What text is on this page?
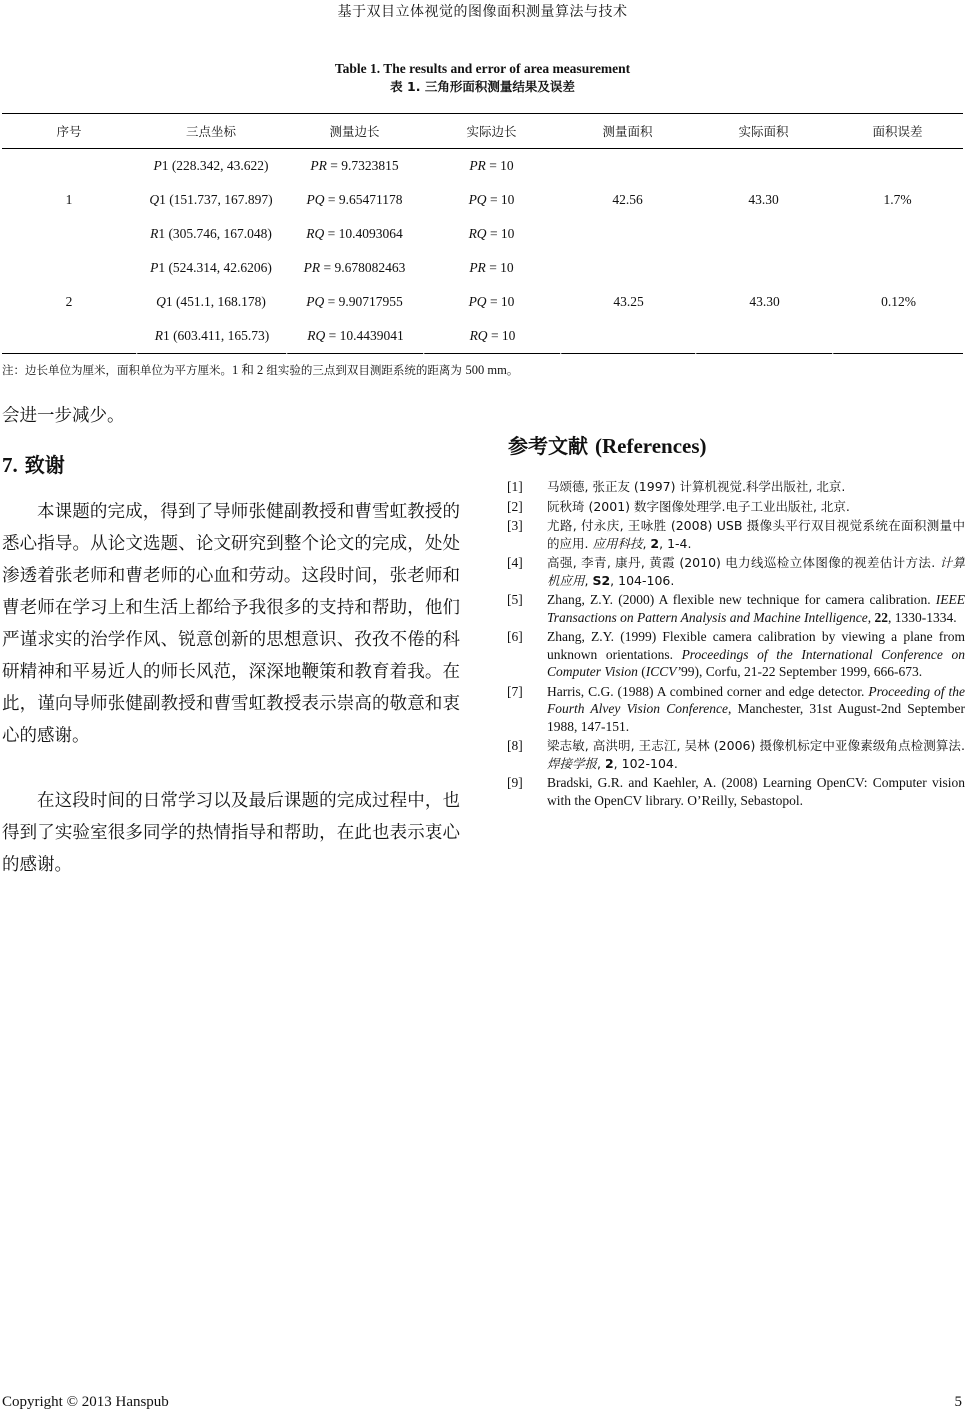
基于双目立体视觉的图像面积测量算法与技术
Table 1. The results and error of area measurement
表 1. 三角形面积测量结果及误差
序号	三点坐标	测量边长	实际边长	测量面积	实际面积	面积误差
1	P1 (228.342, 43.622)	PR = 9.7323815	PR = 10	42.56	43.30	1.7%
	Q1 (151.737, 167.897)	PQ = 9.65471178	PQ = 10			
	R1 (305.746, 167.048)	RQ = 10.4093064	RQ = 10			
2	P1 (524.314, 42.6206)	PR = 9.678082463	PR = 10	43.25	43.30	0.12%
	Q1 (451.1, 168.178)	PQ = 9.90717955	PQ = 10			
	R1 (603.411, 165.73)	RQ = 10.4439041	RQ = 10			
注：边长单位为厘米，面积单位为平方厘米。1 和 2 组实验的三点到双目测距系统的距离为 500 mm。
会进一步减少。
7. 致谢

本课题的完成，得到了导师张健副教授和曹雪虹教授的悉心指导。从论文选题、论文研究到整个论文的完成，处处渗透着张老师和曹老师的心血和劳动。这段时间，张老师和曹老师在学习上和生活上都给予我很多的支持和帮助，他们严谨求实的治学作风、锐意创新的思想意识、孜孜不倦的科研精神和平易近人的师长风范，深深地鞭策和教育着我。在此，谨向导师张健副教授和曹雪虹教授表示崇高的敬意和衷心的感谢。

在这段时间的日常学习以及最后课题的完成过程中，也得到了实验室很多同学的热情指导和帮助，在此也表示衷心的感谢。

参考文献 (References)
[1]	马颂德, 张正友 (1997) 计算机视觉.科学出版社, 北京.
[2]	阮秋琦 (2001) 数字图像处理学.电子工业出版社, 北京.
[3]	尤路, 付永庆, 王咏胜 (2008) USB 摄像头平行双目视觉系统在面积测量中的应用. 应用科技, 2, 1-4.
[4]	高强, 李青, 康丹, 黄霞 (2010) 电力线巡检立体图像的视差估计方法. 计算机应用, S2, 104-106.
[5]	Zhang, Z.Y. (2000) A flexible new technique for camera calibration. IEEE Transactions on Pattern Analysis and Machine Intelligence, 22, 1330-1334.
[6]	Zhang, Z.Y. (1999) Flexible camera calibration by viewing a plane from unknown orientations. Proceedings of the International Conference on Computer Vision (ICCV’99), Corfu, 21-22 September 1999, 666-673.
[7]	Harris, C.G. (1988) A combined corner and edge detector. Proceeding of the Fourth Alvey Vision Conference, Manchester, 31st August-2nd September 1988, 147-151.
[8]	梁志敏, 高洪明, 王志江, 吴林 (2006) 摄像机标定中亚像素级角点检测算法. 焊接学报, 2, 102-104.
[9]	Bradski, G.R. and Kaehler, A. (2008) Learning OpenCV: Computer vision with the OpenCV library. O’Reilly, Sebastopol.
Copyright © 2013 Hanspub	5
